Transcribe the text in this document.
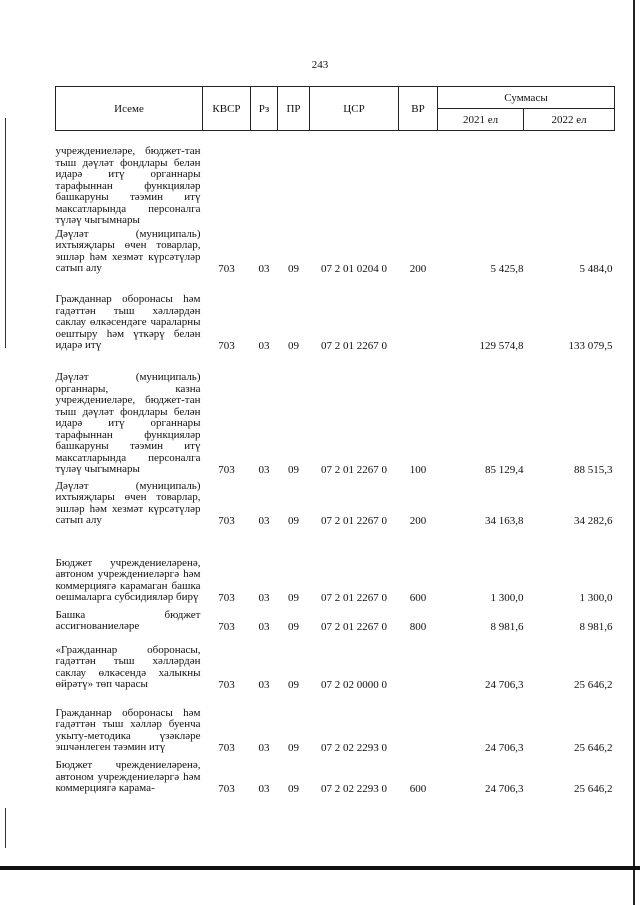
243
Исеме	КВСР	Рз	ПР	ЦСР	ВР	Суммасы	
						2021 ел	2022 ел
учреждениеләре, бюджет-тан тыш дәүләт фондлары белән идарә итү органнары тарафыннан функцияләр башкаруны тәэмин итү максатларында персоналга түләү чыгымнары							
Дәүләт (муниципаль) ихтыяҗлары өчен товарлар, эшләр һәм хезмәт күрсәтүләр сатып алу	703	03	09	07 2 01 0204 0	200	5 425,8	5 484,0
Гражданнар оборонасы һәм гадәттән тыш хәлләрдән саклау өлкәсендәге чараларны оештыру һәм үткәрү белән идарә итү	703	03	09	07 2 01 2267 0		129 574,8	133 079,5
Дәүләт (муниципаль) органнары, казна учреждениеләре, бюджет-тан тыш дәүләт фондлары белән идарә итү органнары тарафыннан функцияләр башкаруны тәэмин итү максатларында персоналга түләү чыгымнары	703	03	09	07 2 01 2267 0	100	85 129,4	88 515,3
Дәүләт (муниципаль) ихтыяҗлары өчен товарлар, эшләр һәм хезмәт күрсәтүләр сатып алу	703	03	09	07 2 01 2267 0	200	34 163,8	34 282,6
Бюджет учреждениеләренә, автоном учреждениеләргә һәм коммерциягә карамаган башка оешмаларга субсидияләр бирү	703	03	09	07 2 01 2267 0	600	1 300,0	1 300,0
Башка бюджет ассигнованиеләре	703	03	09	07 2 01 2267 0	800	8 981,6	8 981,6
«Гражданнар оборонасы, гадәттән тыш хәлләрдән саклау өлкәсендә халыкны өйрәтү» төп чарасы	703	03	09	07 2 02 0000 0		24 706,3	25 646,2
Гражданнар оборонасы һәм гадәттән тыш хәлләр буенча укыту-методика үзәкләре эшчәнлеген тәэмин итү	703	03	09	07 2 02 2293 0		24 706,3	25 646,2
Бюджет чреждениеләренә, автоном учреждениеләргә һәм коммерциягә карама-	703	03	09	07 2 02 2293 0	600	24 706,3	25 646,2
